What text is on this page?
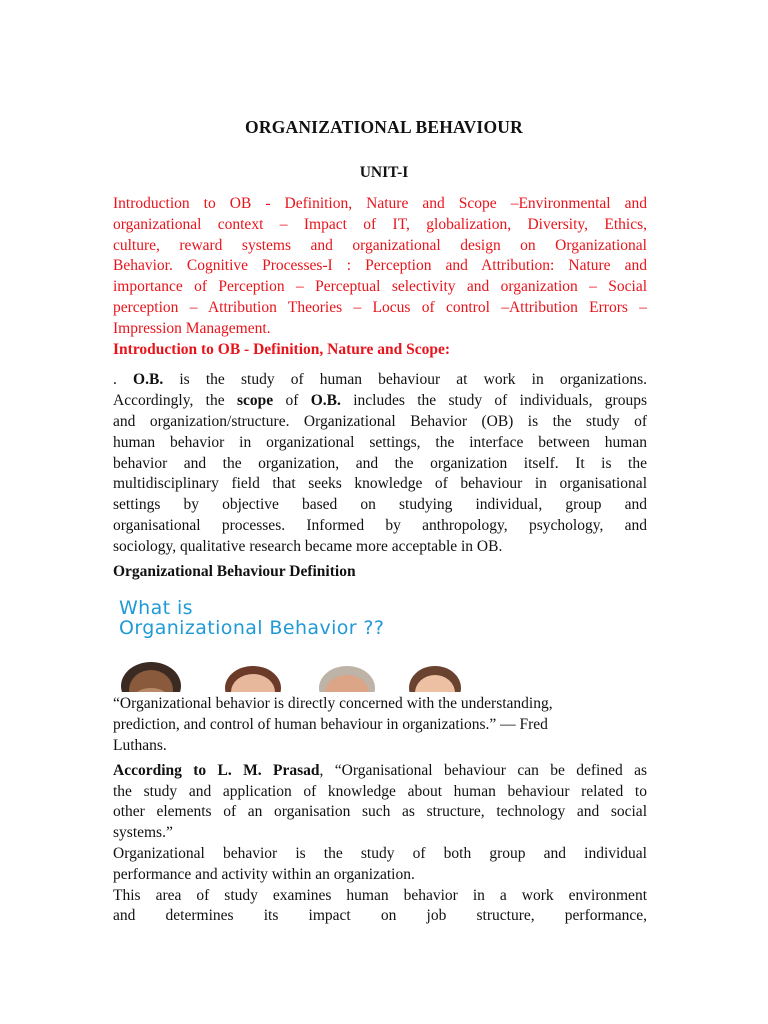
ORGANIZATIONAL BEHAVIOUR
UNIT-I
Introduction to OB - Definition, Nature and Scope –Environmental and
organizational context – Impact of IT, globalization, Diversity, Ethics,
culture, reward systems and organizational design on Organizational
Behavior. Cognitive Processes-I : Perception and Attribution: Nature and
importance of Perception – Perceptual selectivity and organization – Social
perception – Attribution Theories – Locus of control –Attribution Errors –
Impression Management.

Introduction to OB - Definition, Nature and Scope:

. O.B. is the study of human behaviour at work in organizations.
Accordingly, the scope of O.B. includes the study of individuals, groups
and organization/structure. Organizational Behavior (OB) is the study of
human behavior in organizational settings, the interface between human
behavior and the organization, and the organization itself. It is the
multidisciplinary field that seeks knowledge of behaviour in organisational
settings by objective based on studying individual, group and
organisational processes. Informed by anthropology, psychology, and
sociology, qualitative research became more acceptable in OB.

Organizational Behaviour Definition

What is
Organizational Behavior ??
“Organizational behavior is directly concerned with the understanding,
prediction, and control of human behaviour in organizations.” — Fred
Luthans.
According to L. M. Prasad, “Organisational behaviour can be defined as
the study and application of knowledge about human behaviour related to
other elements of an organisation such as structure, technology and social
systems.”
Organizational behavior is the study of both group and individual
performance and activity within an organization.
This area of study examines human behavior in a work environment
and determines its impact on job structure, performance,
